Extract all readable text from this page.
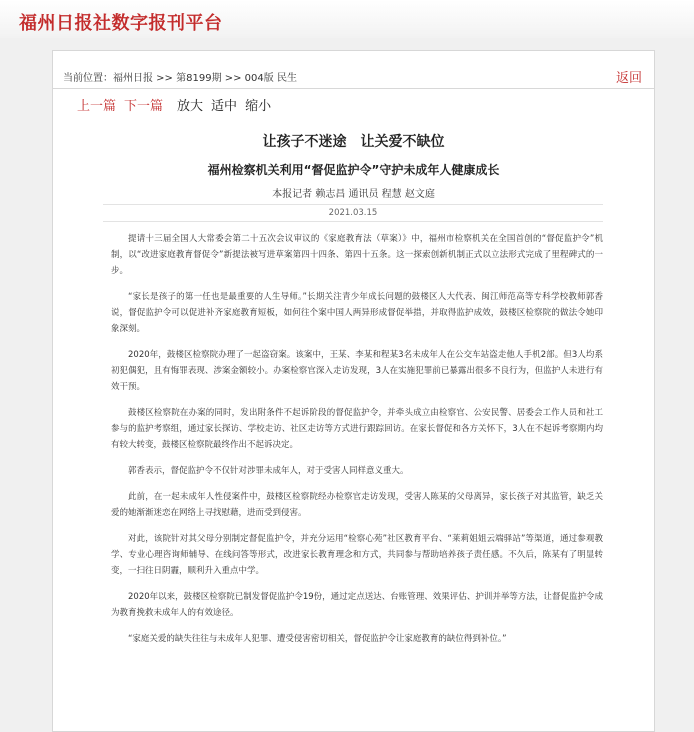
福州日报社数字报刊平台
当前位置：福州日报 >> 第8199期 >> 004版 民生	返回
上一篇 下一篇 放大 适中 缩小
让孩子不迷途　让关爱不缺位
福州检察机关利用“督促监护令”守护未成年人健康成长
本报记者 赖志昌 通讯员 程慧 赵文庭
2021.03.15

提请十三届全国人大常委会第二十五次会议审议的《家庭教育法（草案）》中，福州市检察机关在全国首创的“督促监护令”机制，以“改进家庭教育督促令”新提法被写进草案第四十四条、第四十五条。这一探索创新机制正式以立法形式完成了里程碑式的一步。

“家长是孩子的第一任也是最重要的人生导师。”长期关注青少年成长问题的鼓楼区人大代表、闽江师范高等专科学校教师郭香说，督促监护令可以促进补齐家庭教育短板，如何往个案中国人两异形成督促举措，并取得监护成效，鼓楼区检察院的做法令她印象深刻。

2020年，鼓楼区检察院办理了一起盗窃案。该案中，王某、李某和程某3名未成年人在公交车站盗走他人手机2部。但3人均系初犯偶犯，且有悔罪表现、涉案金额较小。办案检察官深入走访发现，3人在实施犯罪前已暴露出很多不良行为，但监护人未进行有效干预。

鼓楼区检察院在办案的同时，发出附条件不起诉阶段的督促监护令，并牵头成立由检察官、公安民警、居委会工作人员和社工参与的监护考察组，通过家长探访、学校走访、社区走访等方式进行跟踪回访。在家长督促和各方关怀下，3人在不起诉考察期内均有较大转变，鼓楼区检察院最终作出不起诉决定。

郭香表示，督促监护令不仅针对涉罪未成年人，对于受害人同样意义重大。

此前，在一起未成年人性侵案件中，鼓楼区检察院经办检察官走访发现，受害人陈某的父母离异，家长孩子对其监管，缺乏关爱的她渐渐迷恋在网络上寻找慰藉，进而受到侵害。

对此，该院针对其父母分别制定督促监护令，并充分运用“检察心苑”社区教育平台、“莱莉姐姐云端驿站”等渠道，通过参观教学、专业心理咨询师辅导、在线问答等形式，改进家长教育理念和方式，共同参与帮助培养孩子责任感。不久后，陈某有了明显转变，一扫往日阴霾，顺利升入重点中学。

2020年以来，鼓楼区检察院已制发督促监护令19份，通过定点送达、台账管理、效果评估、护训并举等方法，让督促监护令成为教育挽救未成年人的有效途径。

“家庭关爱的缺失往往与未成年人犯罪、遭受侵害密切相关，督促监护令让家庭教育的缺位得到补位。”
